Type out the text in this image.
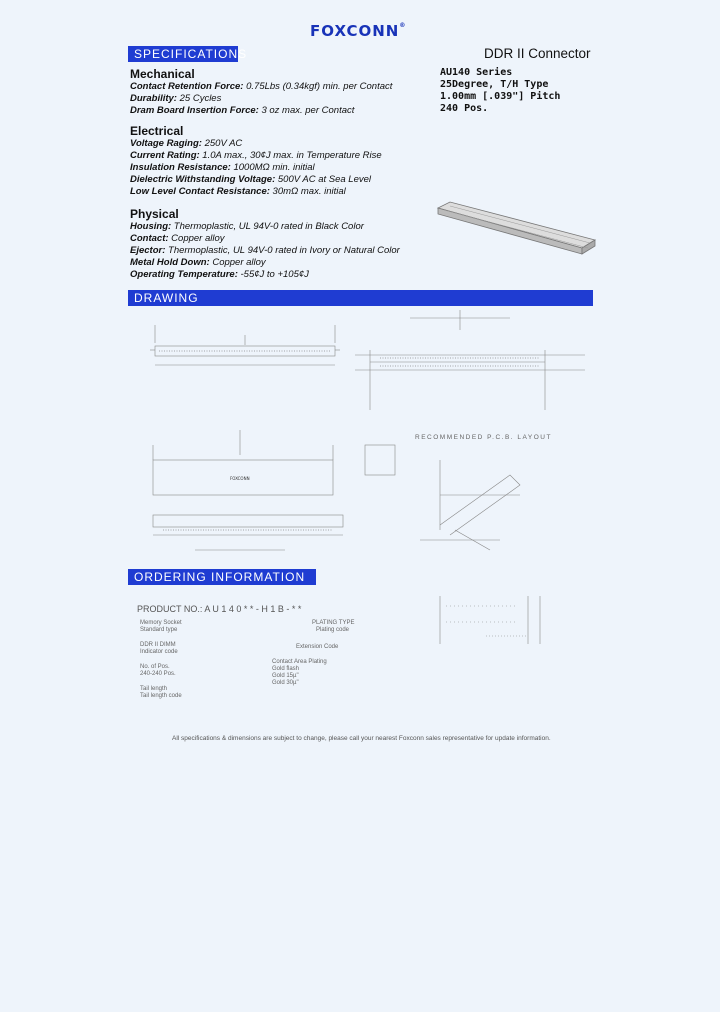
FOXCONN®
SPECIFICATIONS	DDR II Connector
AU140 Series
25Degree, T/H Type
1.00mm [.039"] Pitch
240 Pos.
Mechanical
Contact Retention Force: 0.75Lbs (0.34kgf) min. per Contact
Durability: 25 Cycles
Dram Board Insertion Force: 3 oz max. per Contact
Electrical
Voltage Raging: 250V AC
Current Rating: 1.0A max., 30¢J max. in Temperature Rise
Insulation Resistance: 1000MΩ min. initial
Dielectric Withstanding Voltage: 500V AC at Sea Level
Low Level Contact Resistance: 30mΩ max. initial
Physical
Housing: Thermoplastic, UL 94V-0 rated in Black Color
Contact: Copper alloy
Ejector: Thermoplastic, UL 94V-0 rated in Ivory or Natural Color
Metal Hold Down: Copper alloy
Operating Temperature: -55¢J to +105¢J
DRAWING
RECOMMENDED P.C.B. LAYOUT
FOXCONN
ORDERING INFORMATION
PRODUCT NO.: A U 1 4 0 * * - H 1 B - * *
Memory Socket
Standard type
DDR II DIMM
Indicator code
No. of Pos.
240-240 Pos.
Tail length
Tail length code
PLATING TYPE
Plating code
Extension Code
Contact Area Plating
Gold flash
Gold 15µ"
Gold 30µ"
All specifications & dimensions are subject to change, please call your nearest Foxconn sales representative for update information.
